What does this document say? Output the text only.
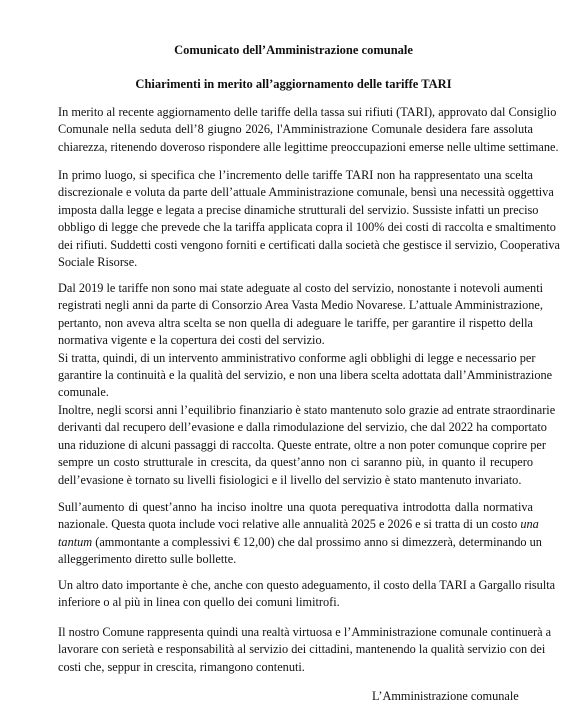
Comunicato dell’Amministrazione comunale

Chiarimenti in merito all’aggiornamento delle tariffe TARI

In merito al recente aggiornamento delle tariffe della tassa sui rifiuti (TARI), approvato dal Consiglio
Comunale nella seduta dell’8 giugno 2026, l'Amministrazione Comunale desidera fare assoluta
chiarezza, ritenendo doveroso rispondere alle legittime preoccupazioni emerse nelle ultime settimane.

In primo luogo, si specifica che l’incremento delle tariffe TARI non ha rappresentato una scelta
discrezionale e voluta da parte dell’attuale Amministrazione comunale, bensì una necessità oggettiva
imposta dalla legge e legata a precise dinamiche strutturali del servizio. Sussiste infatti un preciso
obbligo di legge che prevede che la tariffa applicata copra il 100% dei costi di raccolta e smaltimento
dei rifiuti. Suddetti costi vengono forniti e certificati dalla società che gestisce il servizio, Cooperativa
Sociale Risorse.

Dal 2019 le tariffe non sono mai state adeguate al costo del servizio, nonostante i notevoli aumenti
registrati negli anni da parte di Consorzio Area Vasta Medio Novarese. L’attuale Amministrazione,
pertanto, non aveva altra scelta se non quella di adeguare le tariffe, per garantire il rispetto della
normativa vigente e la copertura dei costi del servizio.
Si tratta, quindi, di un intervento amministrativo conforme agli obblighi di legge e necessario per
garantire la continuità e la qualità del servizio, e non una libera scelta adottata dall’Amministrazione
comunale.

Inoltre, negli scorsi anni l’equilibrio finanziario è stato mantenuto solo grazie ad entrate straordinarie
derivanti dal recupero dell’evasione e dalla rimodulazione del servizio, che dal 2022 ha comportato
una riduzione di alcuni passaggi di raccolta. Queste entrate, oltre a non poter comunque coprire per
sempre un costo strutturale in crescita, da quest’anno non ci saranno più, in quanto il recupero
dell’evasione è tornato su livelli fisiologici e il livello del servizio è stato mantenuto invariato.

Sull’aumento di quest’anno ha inciso inoltre una quota perequativa introdotta dalla normativa
nazionale. Questa quota include voci relative alle annualità 2025 e 2026 e si tratta di un costo una
tantum (ammontante a complessivi € 12,00) che dal prossimo anno si dimezzerà, determinando un
alleggerimento diretto sulle bollette.

Un altro dato importante è che, anche con questo adeguamento, il costo della TARI a Gargallo risulta
inferiore o al più in linea con quello dei comuni limitrofi.

Il nostro Comune rappresenta quindi una realtà virtuosa e l’Amministrazione comunale continuerà a
lavorare con serietà e responsabilità al servizio dei cittadini, mantenendo la qualità servizio con dei
costi che, seppur in crescita, rimangono contenuti.

L’Amministrazione comunale
